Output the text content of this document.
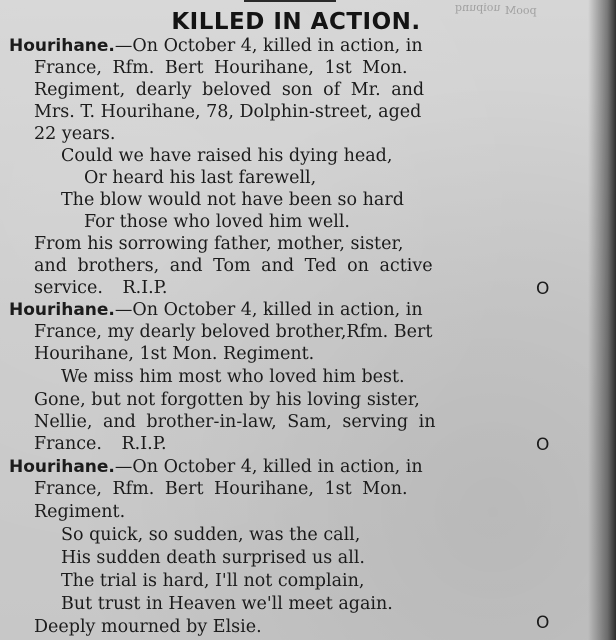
uoipunq pooM
KILLED IN ACTION.
Hourihane.—On October 4, killed in action, in
France, Rfm. Bert Hourihane, 1st Mon.
Regiment, dearly beloved son of Mr. and
Mrs. T. Hourihane, 78, Dolphin-street, aged
22 years.
Could we have raised his dying head,
Or heard his last farewell,
The blow would not have been so hard
For those who loved him well.
From his sorrowing father, mother, sister,
and brothers, and Tom and Ted on active
service. R.I.P.	O
Hourihane.—On October 4, killed in action, in
France, my dearly beloved brother,Rfm. Bert
Hourihane, 1st Mon. Regiment.
We miss him most who loved him best.
Gone, but not forgotten by his loving sister,
Nellie, and brother-in-law, Sam, serving in
France. R.I.P.	O
Hourihane.—On October 4, killed in action, in
France, Rfm. Bert Hourihane, 1st Mon.
Regiment.
So quick, so sudden, was the call,
His sudden death surprised us all.
The trial is hard, I'll not complain,
But trust in Heaven we'll meet again.
Deeply mourned by Elsie.	O
